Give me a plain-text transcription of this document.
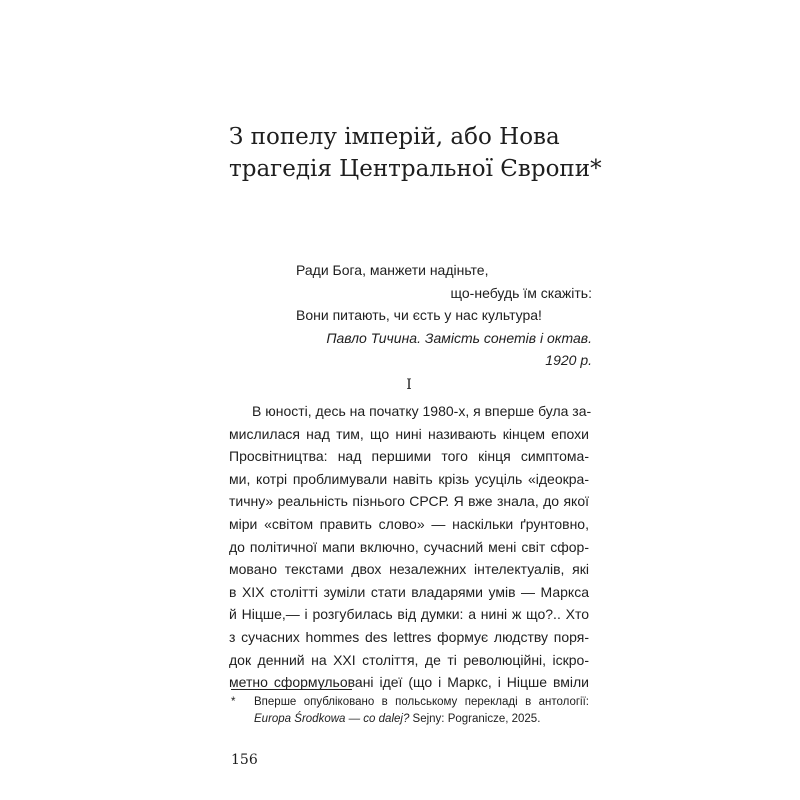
З попелу імперій, або Нова
трагедія Центральної Європи*
Ради Бога, манжети надіньте,
що-небудь їм скажіть:
Вони питають, чи єсть у нас культура!
Павло Тичина. Замість сонетів і октав.
1920 р.
I
В юності, десь на початку 1980-х, я вперше була за-
мислилася над тим, що нині називають кінцем епохи
Просвітництва: над першими того кінця симптома-
ми, котрі проблимували навіть крізь усуціль «ідеокра-
тичну» реальність пізнього СРСР. Я вже знала, до якої
міри «світом править слово» — наскільки ґрунтовно,
до політичної мапи включно, сучасний мені світ сфор-
мовано текстами двох незалежних інтелектуалів, які
в XIX столітті зуміли стати владарями умів — Маркса
й Ніцше,— і розгубилась від думки: а нині ж що?.. Хто
з сучасних hommes des lettres формує людству поря-
док денний на XXI століття, де ті революційні, іскро-
метно сформульовані ідеї (що і Маркс, і Ніцше вміли
* Вперше опубліковано в польському перекладі в антології:
Europa Środkowa — co dalej? Sejny: Pogranicze, 2025.
156
